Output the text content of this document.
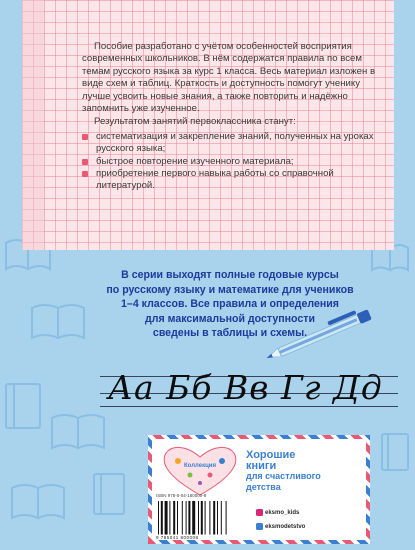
Пособие разработано с учётом особенностей восприятия современных школьников. В нём содержатся правила по всем темам русского языка за курс 1 класса. Весь материал изложен в виде схем и таблиц. Краткость и доступность помогут ученику лучше усвоить новые знания, а также повторить и надёжно запомнить уже изученное.

Результатом занятий первоклассника станут:

систематизация и закрепление знаний, полученных на уроках русского языка;
быстрое повторение изученного материала;
приобретение первого навыка работы со справочной литературой.
В серии выходят полные годовые курсы
по русскому языку и математике для учеников
1–4 классов. Все правила и определения
для максимальной доступности
сведены в таблицы и схемы.
Аа Бб Вв Гг Дд
Коллекция
Хорошие
книги
для счастливого
детства
ISBN 978-5-04-180000-8
9 785041 800008
eksmo_kids
eksmodetstvo
